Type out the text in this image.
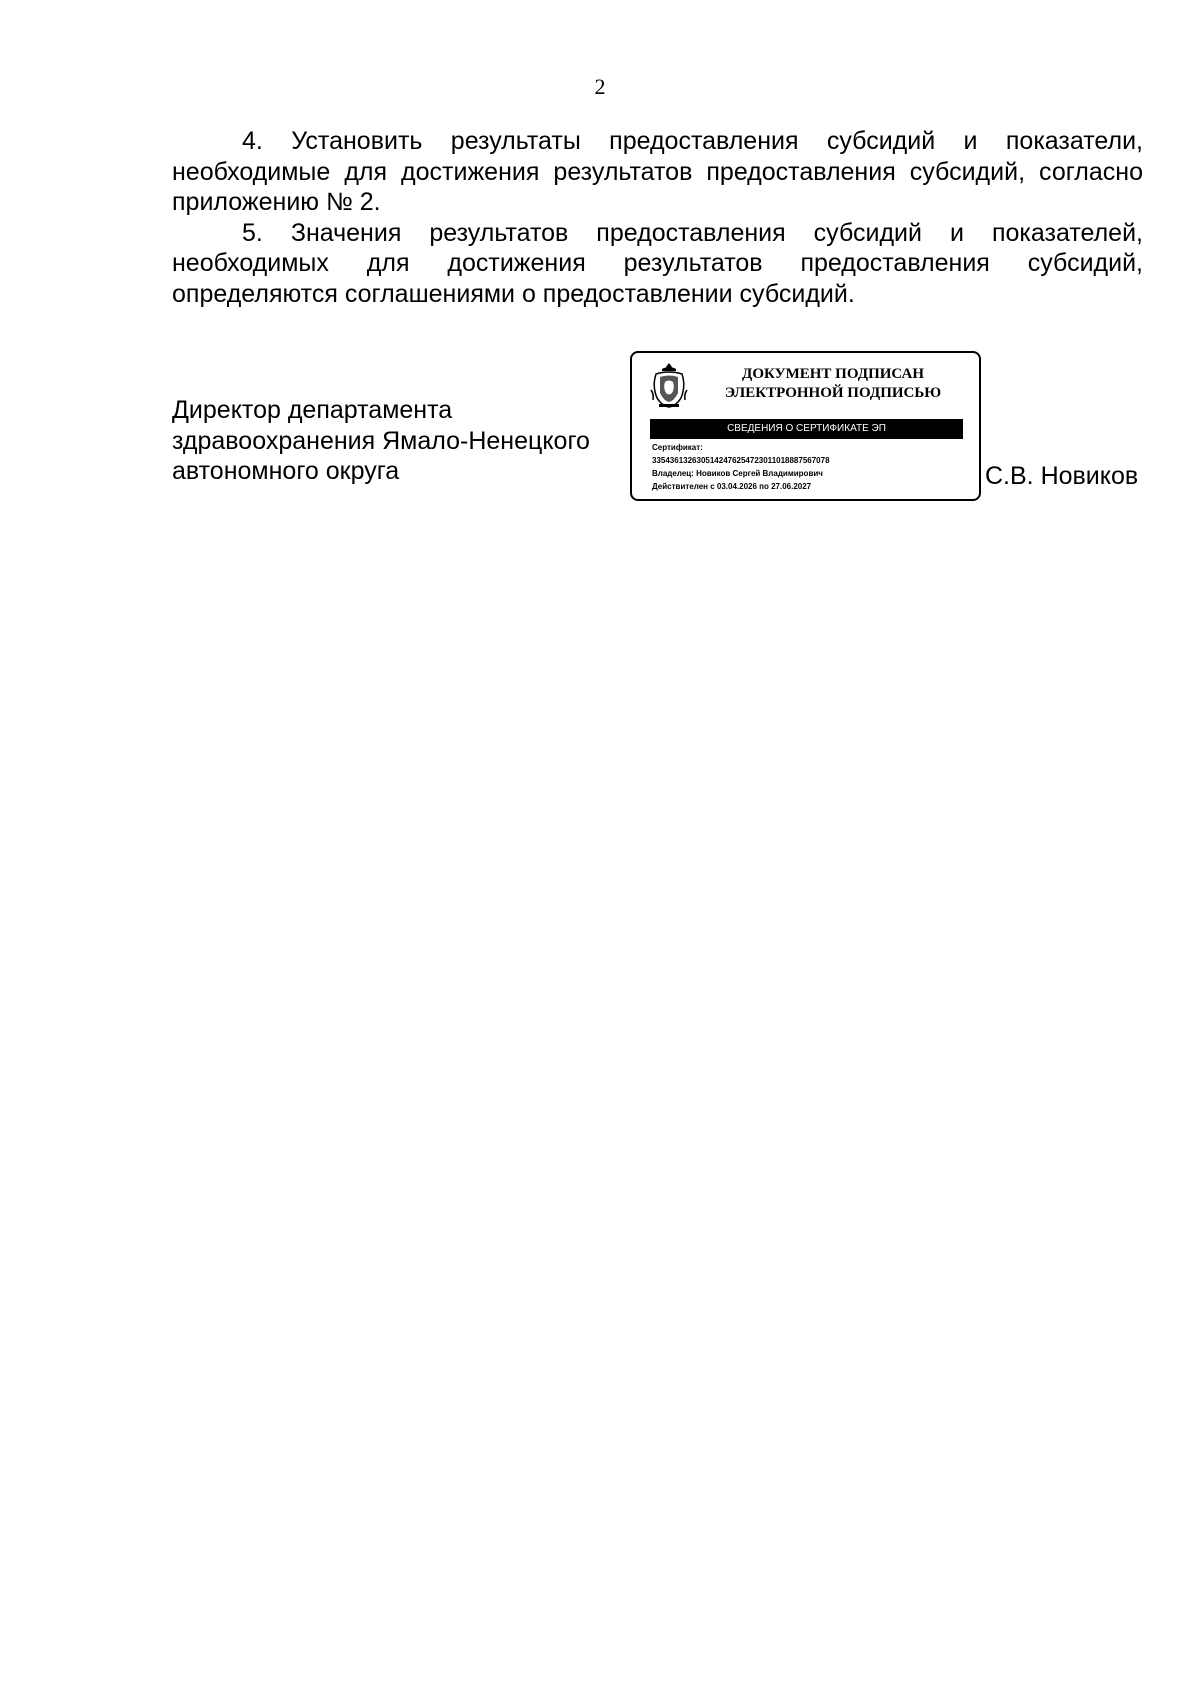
2

4. Установить результаты предоставления субсидий и показатели, необходимые для достижения результатов предоставления субсидий, согласно приложению № 2.

5. Значения результатов предоставления субсидий и показателей, необходимых для достижения результатов предоставления субсидий, определяются соглашениями о предоставлении субсидий.

Директор департамента
здравоохранения Ямало-Ненецкого
автономного округа
ДОКУМЕНТ ПОДПИСАН
ЭЛЕКТРОННОЙ ПОДПИСЬЮ
СВЕДЕНИЯ О СЕРТИФИКАТЕ ЭП
Сертификат:
3354361326305142476254723011018887567078
Владелец: Новиков Сергей Владимирович
Действителен с 03.04.2026 по 27.06.2027	С.В. Новиков
